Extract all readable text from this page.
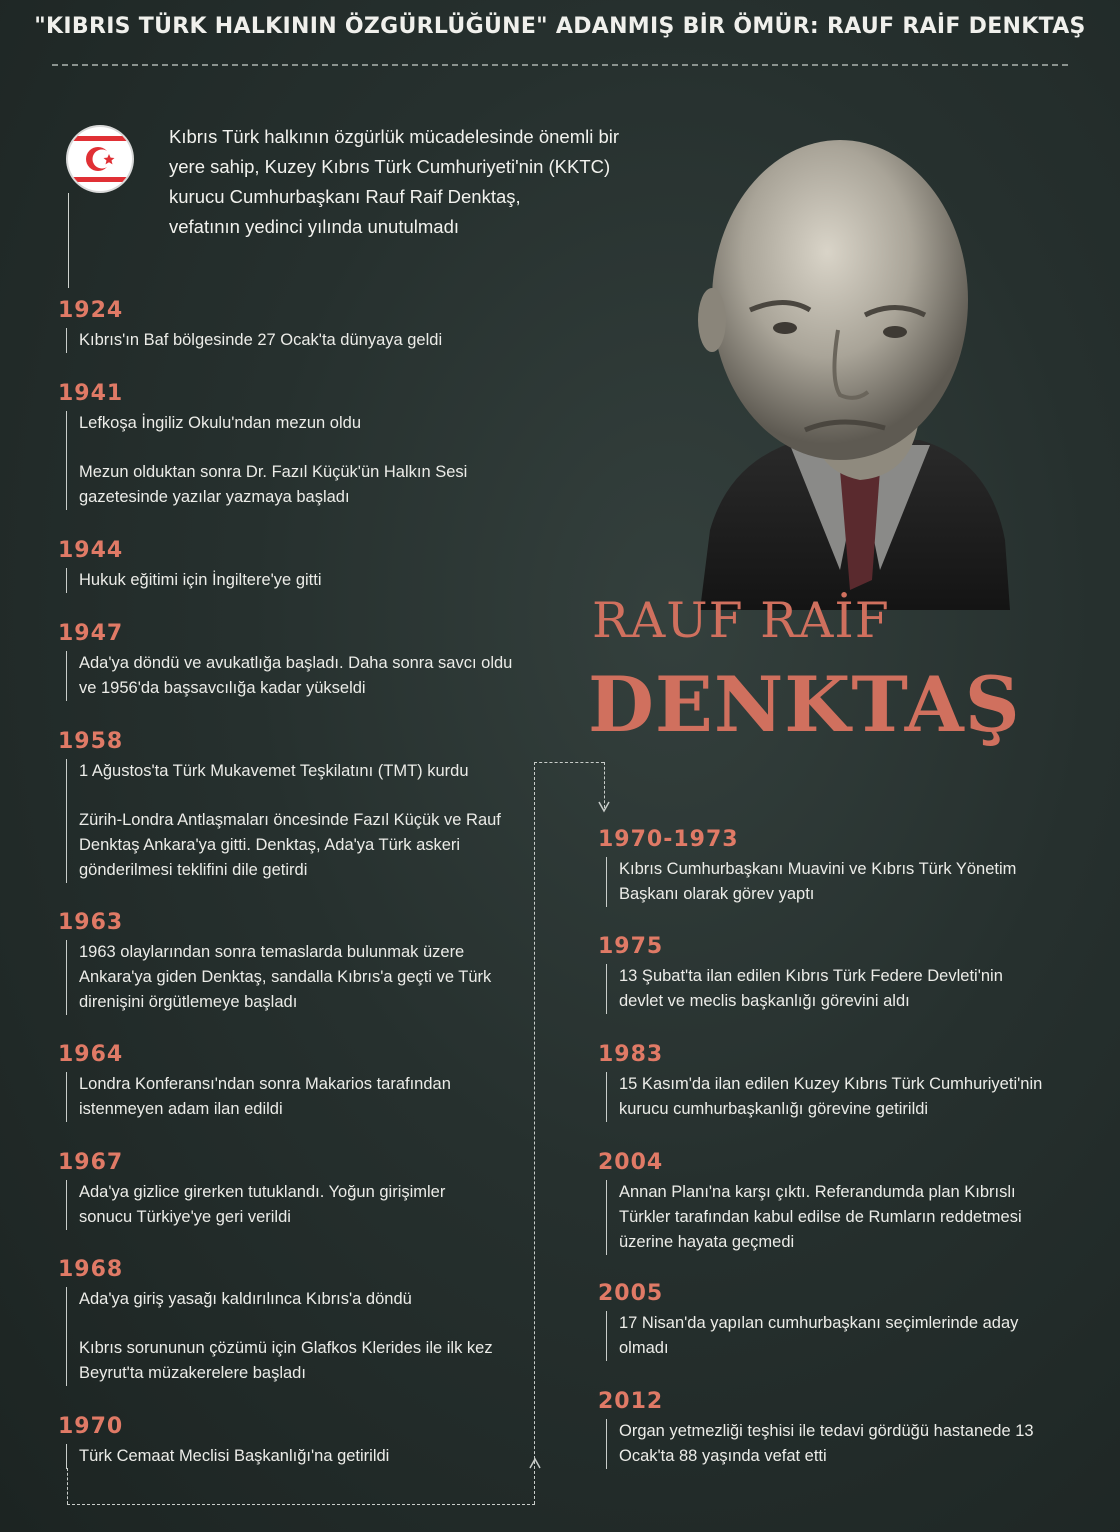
"KIBRIS TÜRK HALKININ ÖZGÜRLÜĞÜNE" ADANMIŞ BİR ÖMÜR: RAUF RAİF DENKTAŞ
Kıbrıs Türk halkının özgürlük mücadelesinde önemli bir
yere sahip, Kuzey Kıbrıs Türk Cumhuriyeti'nin (KKTC)
kurucu Cumhurbaşkanı Rauf Raif Denktaş,
vefatının yedinci yılında unutulmadı
RAUF RAİF
DENKTAŞ
1924

Kıbrıs'ın Baf bölgesinde 27 Ocak'ta dünyaya geldi

1941

Lefkoşa İngiliz Okulu'ndan mezun oldu

Mezun olduktan sonra Dr. Fazıl Küçük'ün Halkın Sesi

gazetesinde yazılar yazmaya başladı

1944

Hukuk eğitimi için İngiltere'ye gitti

1947

Ada'ya döndü ve avukatlığa başladı. Daha sonra savcı oldu

ve 1956'da başsavcılığa kadar yükseldi

1958

1 Ağustos'ta Türk Mukavemet Teşkilatını (TMT) kurdu

Zürih-Londra Antlaşmaları öncesinde Fazıl Küçük ve Rauf

Denktaş Ankara'ya gitti. Denktaş, Ada'ya Türk askeri

gönderilmesi teklifini dile getirdi

1963

1963 olaylarından sonra temaslarda bulunmak üzere

Ankara'ya giden Denktaş, sandalla Kıbrıs'a geçti ve Türk

direnişini örgütlemeye başladı

1964

Londra Konferansı'ndan sonra Makarios tarafından

istenmeyen adam ilan edildi

1967

Ada'ya gizlice girerken tutuklandı. Yoğun girişimler

sonucu Türkiye'ye geri verildi

1968

Ada'ya giriş yasağı kaldırılınca Kıbrıs'a döndü

Kıbrıs sorununun çözümü için Glafkos Klerides ile ilk kez

Beyrut'ta müzakerelere başladı

1970

Türk Cemaat Meclisi Başkanlığı'na getirildi

1970-1973

Kıbrıs Cumhurbaşkanı Muavini ve Kıbrıs Türk Yönetim

Başkanı olarak görev yaptı

1975

13 Şubat'ta ilan edilen Kıbrıs Türk Federe Devleti'nin

devlet ve meclis başkanlığı görevini aldı

1983

15 Kasım'da ilan edilen Kuzey Kıbrıs Türk Cumhuriyeti'nin

kurucu cumhurbaşkanlığı görevine getirildi

2004

Annan Planı'na karşı çıktı. Referandumda plan Kıbrıslı

Türkler tarafından kabul edilse de Rumların reddetmesi

üzerine hayata geçmedi

2005

17 Nisan'da yapılan cumhurbaşkanı seçimlerinde aday

olmadı

2012

Organ yetmezliği teşhisi ile tedavi gördüğü hastanede 13

Ocak'ta 88 yaşında vefat etti
